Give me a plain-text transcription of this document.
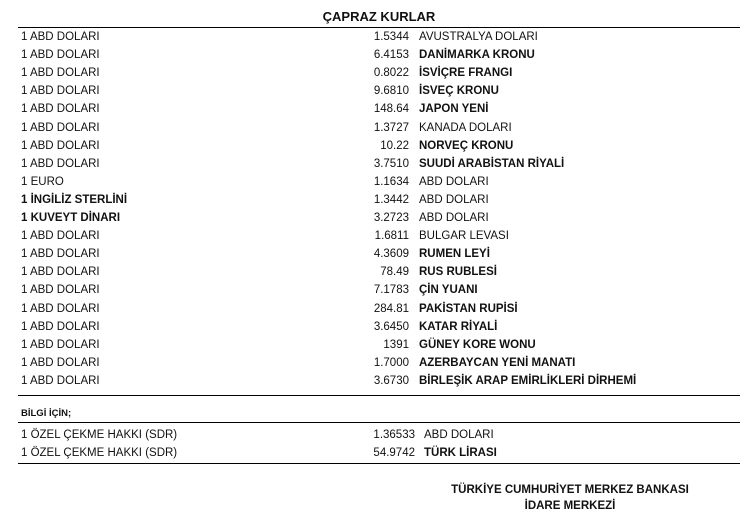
ÇAPRAZ KURLAR
1 ABD DOLARI	1.5344 AVUSTRALYA DOLARI
1 ABD DOLARI	6.4153 DANİMARKA KRONU
1 ABD DOLARI	0.8022 İSVİÇRE FRANGI
1 ABD DOLARI	9.6810 İSVEÇ KRONU
1 ABD DOLARI	148.64 JAPON YENİ
1 ABD DOLARI	1.3727 KANADA DOLARI
1 ABD DOLARI	10.22 NORVEÇ KRONU
1 ABD DOLARI	3.7510 SUUDİ ARABİSTAN RİYALİ
1 EURO	1.1634 ABD DOLARI
1 İNGİLİZ STERLİNİ	1.3442 ABD DOLARI
1 KUVEYT DİNARI	3.2723 ABD DOLARI
1 ABD DOLARI	1.6811 BULGAR LEVASI
1 ABD DOLARI	4.3609 RUMEN LEYİ
1 ABD DOLARI	78.49 RUS RUBLESİ
1 ABD DOLARI	7.1783 ÇİN YUANI
1 ABD DOLARI	284.81 PAKİSTAN RUPİSİ
1 ABD DOLARI	3.6450 KATAR RİYALİ
1 ABD DOLARI	1391 GÜNEY KORE WONU
1 ABD DOLARI	1.7000 AZERBAYCAN YENİ MANATI
1 ABD DOLARI	3.6730 BİRLEŞİK ARAP EMİRLİKLERİ DİRHEMİ
BİLGİ İÇİN;
1 ÖZEL ÇEKME HAKKI (SDR)	1.36533 ABD DOLARI
1 ÖZEL ÇEKME HAKKI (SDR)	54.9742 TÜRK LİRASI
TÜRKİYE CUMHURİYET MERKEZ BANKASI
İDARE MERKEZİ
